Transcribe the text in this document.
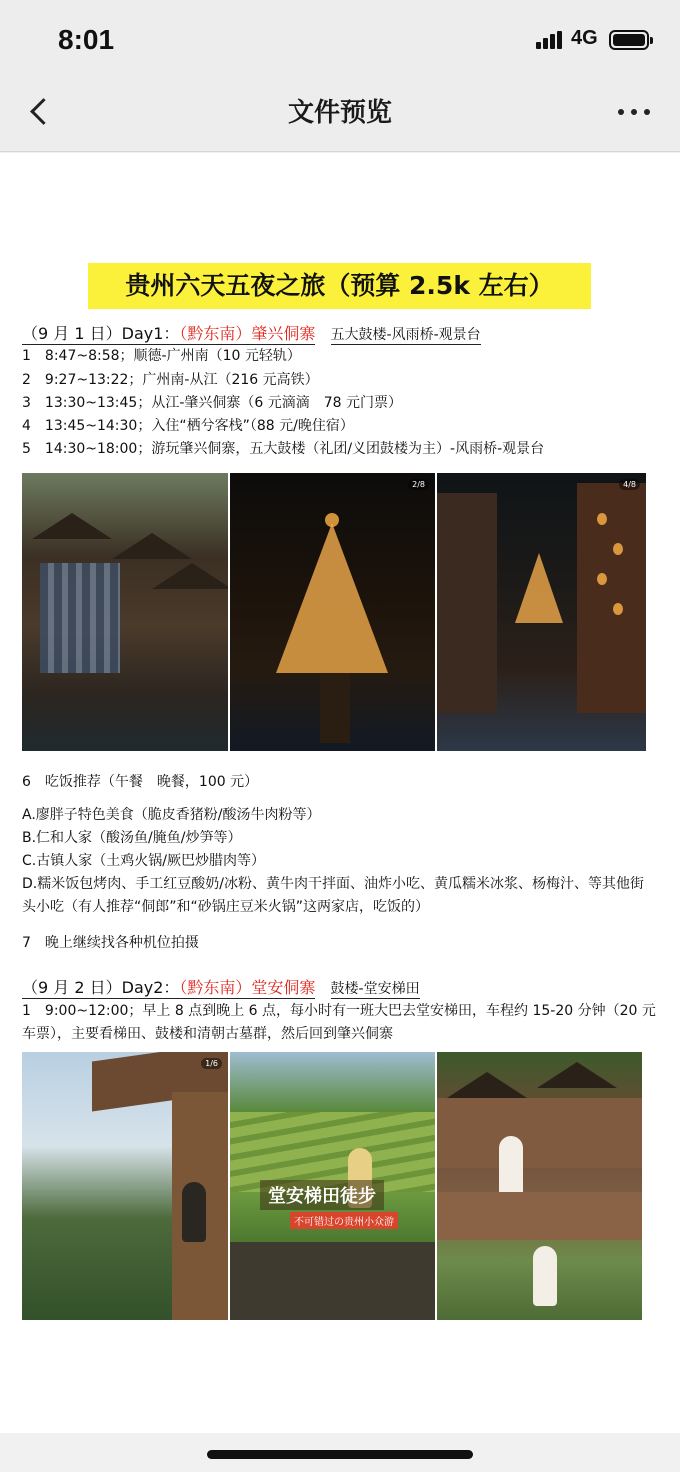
8:01	4G
文件预览
贵州六天五夜之旅（预算 2.5k 左右）
（9 月 1 日）Day1：（黔东南）肇兴侗寨 五大鼓楼-风雨桥-观景台
1　8:47~8:58；顺德-广州南（10 元轻轨）
2　9:27~13:22；广州南-从江（216 元高铁）
3　13:30~13:45；从江-肇兴侗寨（6 元滴滴　78 元门票）
4　13:45~14:30；入住“栖兮客栈”（88 元/晚住宿）
5　14:30~18:00；游玩肇兴侗寨，五大鼓楼（礼团/义团鼓楼为主）-风雨桥-观景台
2/8	4/8
6　吃饭推荐（午餐　晚餐，100 元）
A.廖胖子特色美食（脆皮香猪粉/酸汤牛肉粉等）
B.仁和人家（酸汤鱼/腌鱼/炒笋等）
C.古镇人家（土鸡火锅/厥巴炒腊肉等）
D.糯米饭包烤肉、手工红豆酸奶/冰粉、黄牛肉干拌面、油炸小吃、黄瓜糯米冰浆、杨梅汁、等其他街头小吃（有人推荐“侗郎”和“砂锅庄豆米火锅”这两家店，吃饭的）
7　晚上继续找各种机位拍摄
（9 月 2 日）Day2：（黔东南）堂安侗寨 鼓楼-堂安梯田
1　9:00~12:00；早上 8 点到晚上 6 点，每小时有一班大巴去堂安梯田，车程约 15-20 分钟（20 元车票），主要看梯田、鼓楼和清朝古墓群，然后回到肇兴侗寨
1/6
堂安梯田徒步
不可错过の贵州小众游
